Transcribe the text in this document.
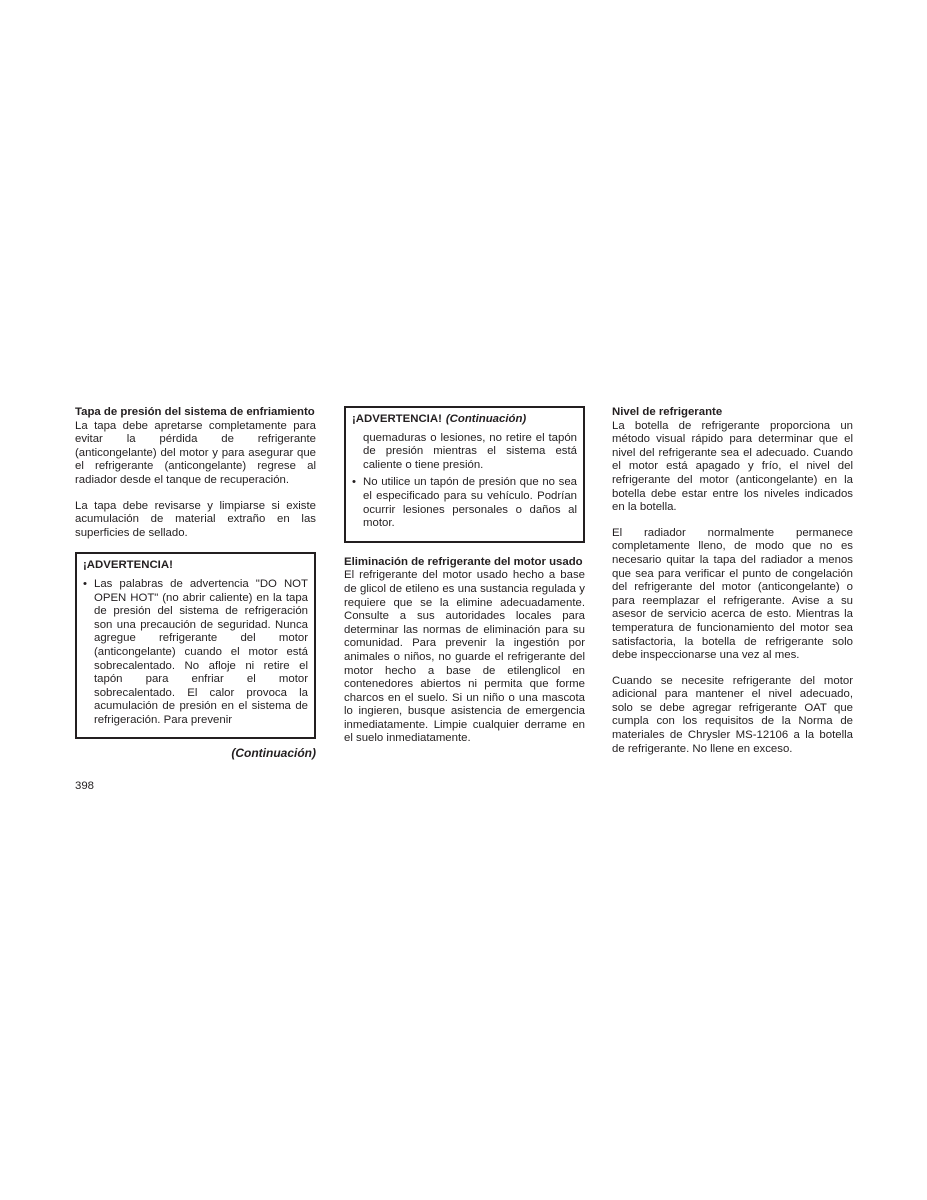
Tapa de presión del sistema de enfriamiento

La tapa debe apretarse completamente para evitar la pérdida de refrigerante (anticongelante) del motor y para asegurar que el refrigerante (anticongelante) regrese al radiador desde el tanque de recuperación.

La tapa debe revisarse y limpiarse si existe acumulación de material extraño en las superficies de sellado.

¡ADVERTENCIA!
• Las palabras de advertencia "DO NOT OPEN HOT" (no abrir caliente) en la tapa de presión del sistema de refrigeración son una precaución de seguridad. Nunca agregue refrigerante del motor (anticongelante) cuando el motor está sobrecalentado. No afloje ni retire el tapón para enfriar el motor sobrecalentado. El calor provoca la acumulación de presión en el sistema de refrigeración. Para prevenir
(Continuación)
¡ADVERTENCIA! (Continuación)
quemaduras o lesiones, no retire el tapón de presión mientras el sistema está caliente o tiene presión.
• No utilice un tapón de presión que no sea el especificado para su vehículo. Podrían ocurrir lesiones personales o daños al motor.
Eliminación de refrigerante del motor usado

El refrigerante del motor usado hecho a base de glicol de etileno es una sustancia regulada y requiere que se la elimine adecuadamente. Consulte a sus autoridades locales para determinar las normas de eliminación para su comunidad. Para prevenir la ingestión por animales o niños, no guarde el refrigerante del motor hecho a base de etilenglicol en contenedores abiertos ni permita que forme charcos en el suelo. Si un niño o una mascota lo ingieren, busque asistencia de emergencia inmediatamente. Limpie cualquier derrame en el suelo inmediatamente.

Nivel de refrigerante

La botella de refrigerante proporciona un método visual rápido para determinar que el nivel del refrigerante sea el adecuado. Cuando el motor está apagado y frío, el nivel del refrigerante del motor (anticongelante) en la botella debe estar entre los niveles indicados en la botella.

El radiador normalmente permanece completamente lleno, de modo que no es necesario quitar la tapa del radiador a menos que sea para verificar el punto de congelación del refrigerante del motor (anticongelante) o para reemplazar el refrigerante. Avise a su asesor de servicio acerca de esto. Mientras la temperatura de funcionamiento del motor sea satisfactoria, la botella de refrigerante solo debe inspeccionarse una vez al mes.

Cuando se necesite refrigerante del motor adicional para mantener el nivel adecuado, solo se debe agregar refrigerante OAT que cumpla con los requisitos de la Norma de materiales de Chrysler MS-12106 a la botella de refrigerante. No llene en exceso.

398
